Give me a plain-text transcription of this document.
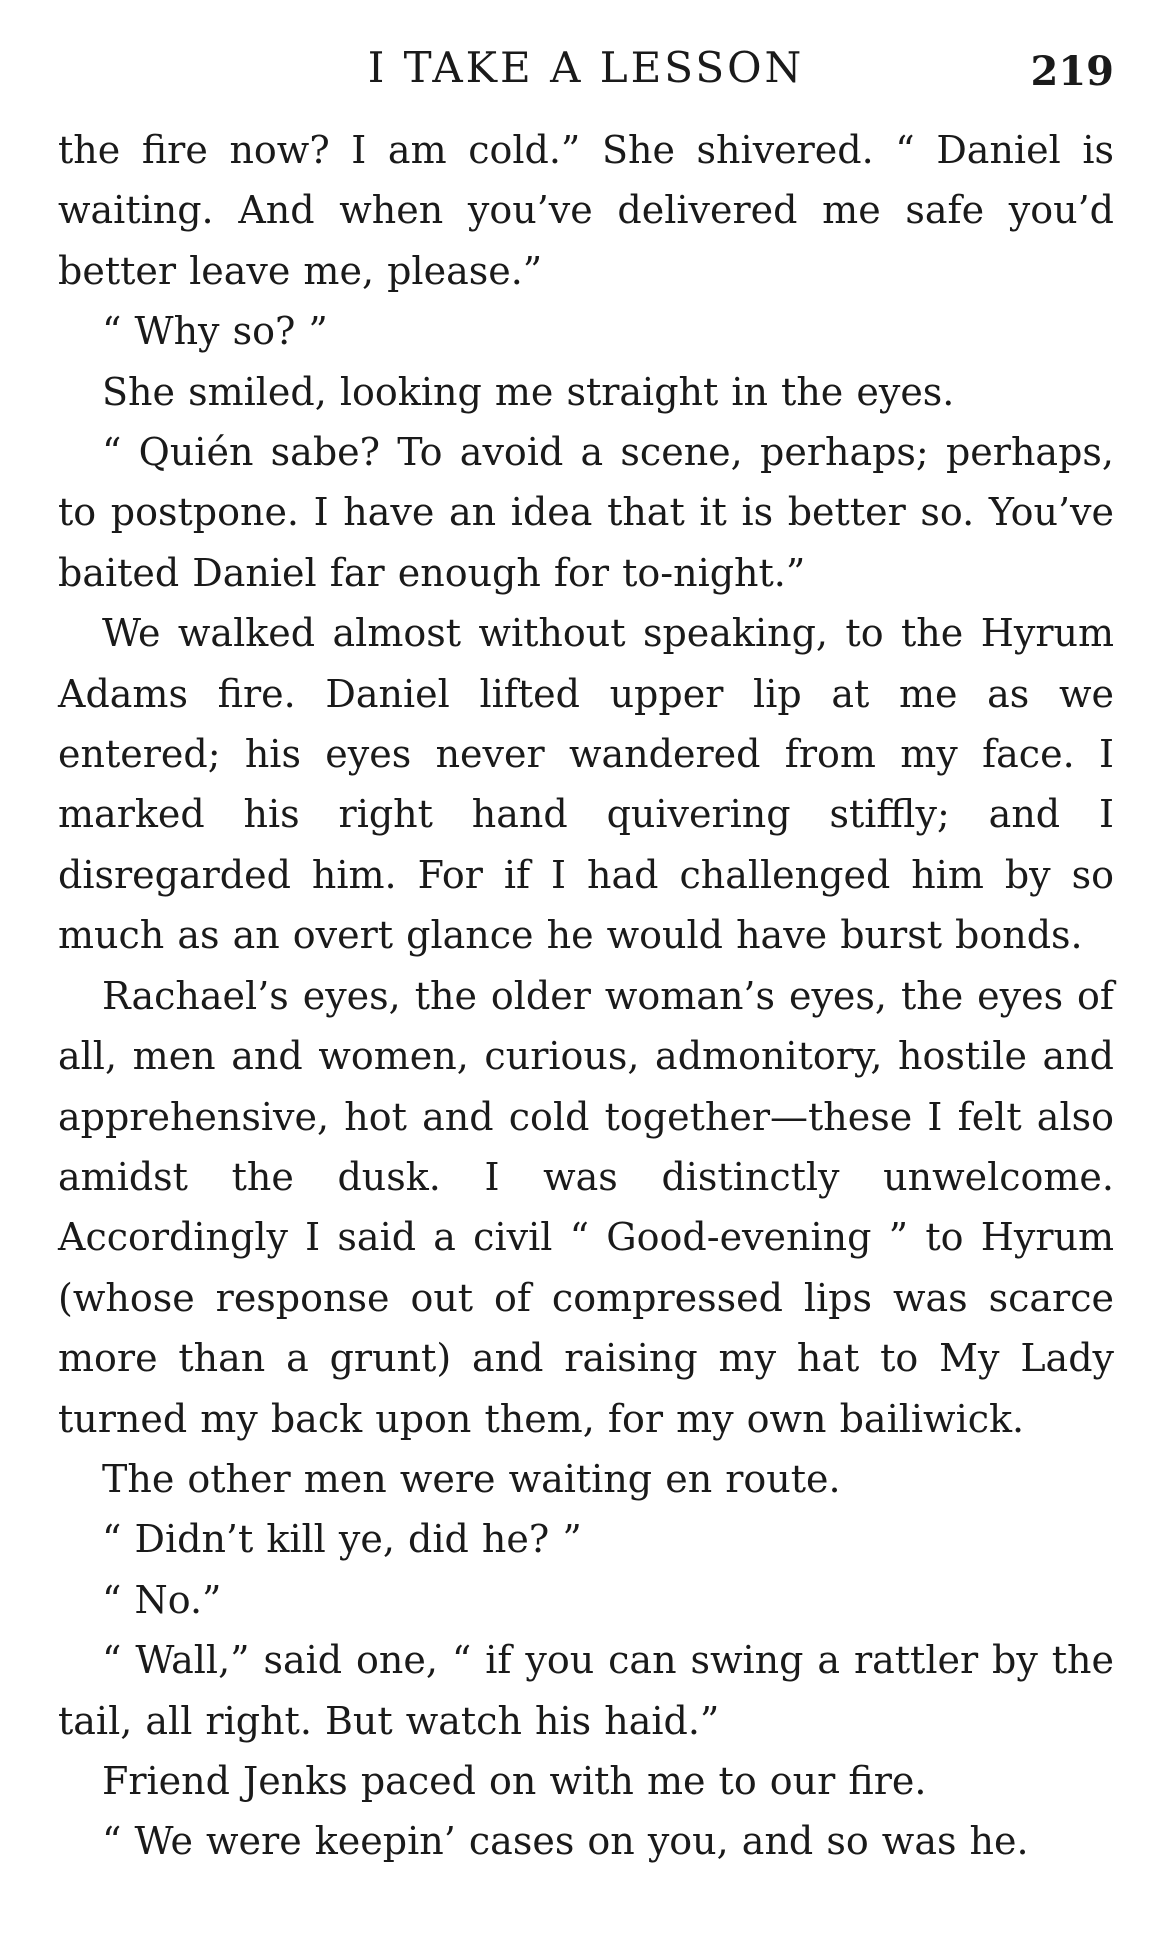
I TAKE A LESSON	219

the fire now? I am cold.” She shivered. “ Daniel is waiting. And when you’ve delivered me safe you’d better leave me, please.”

“ Why so? ”

She smiled, looking me straight in the eyes.

“ Quién sabe? To avoid a scene, perhaps; perhaps, to postpone. I have an idea that it is better so. You’ve baited Daniel far enough for to-night.”

We walked almost without speaking, to the Hyrum Adams fire. Daniel lifted upper lip at me as we entered; his eyes never wandered from my face. I marked his right hand quivering stiffly; and I disregarded him. For if I had challenged him by so much as an overt glance he would have burst bonds.

Rachael’s eyes, the older woman’s eyes, the eyes of all, men and women, curious, admonitory, hostile and apprehensive, hot and cold together—these I felt also amidst the dusk. I was distinctly unwelcome. Accordingly I said a civil “ Good-evening ” to Hyrum (whose response out of compressed lips was scarce more than a grunt) and raising my hat to My Lady turned my back upon them, for my own bailiwick.

The other men were waiting en route.

“ Didn’t kill ye, did he? ”

“ No.”

“ Wall,” said one, “ if you can swing a rattler by the tail, all right. But watch his haid.”

Friend Jenks paced on with me to our fire.

“ We were keepin’ cases on you, and so was he.
